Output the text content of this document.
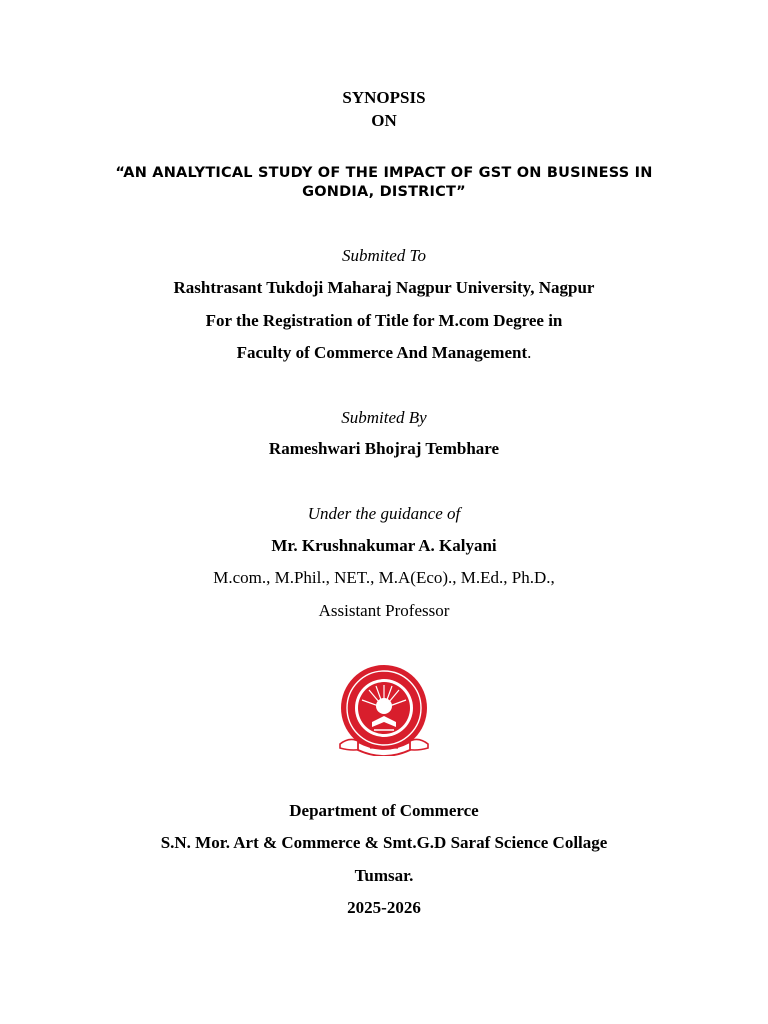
SYNOPSIS
ON
“AN ANALYTICAL STUDY OF THE IMPACT OF GST ON BUSINESS IN
GONDIA, DISTRICT”
Submited To
Rashtrasant Tukdoji Maharaj Nagpur University, Nagpur
For the Registration of Title for M.com Degree in
Faculty of Commerce And Management.
Submited By
Rameshwari Bhojraj Tembhare
Under the guidance of
Mr. Krushnakumar A. Kalyani
M.com., M.Phil., NET., M.A(Eco)., M.Ed., Ph.D.,
Assistant Professor
Department of Commerce
S.N. Mor. Art & Commerce & Smt.G.D Saraf Science Collage
Tumsar.
2025-2026
